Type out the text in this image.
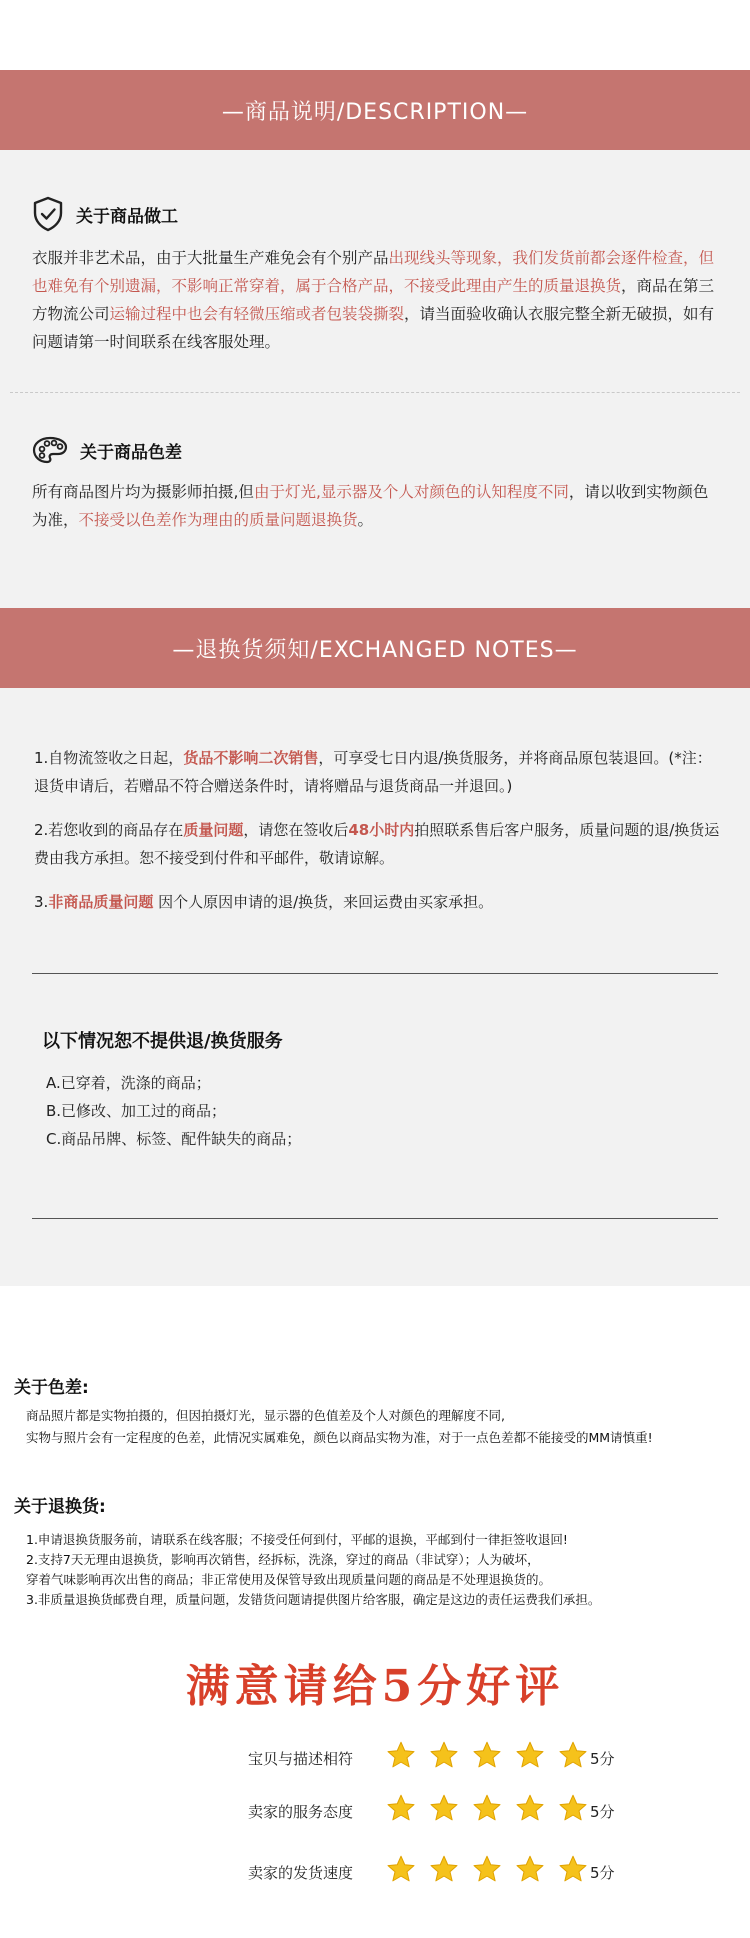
—商品说明/DESCRIPTION—
关于商品做工
衣服并非艺术品，由于大批量生产难免会有个别产品出现线头等现象，我们发货前都会逐件检查，但也难免有个别遗漏，不影响正常穿着，属于合格产品，不接受此理由产生的质量退换货，商品在第三方物流公司运输过程中也会有轻微压缩或者包装袋撕裂，请当面验收确认衣服完整全新无破损，如有问题请第一时间联系在线客服处理。
关于商品色差
所有商品图片均为摄影师拍摄,但由于灯光,显示器及个人对颜色的认知程度不同，请以收到实物颜色为准，不接受以色差作为理由的质量问题退换货。
—退换货须知/EXCHANGED NOTES—
1.自物流签收之日起，货品不影响二次销售，可享受七日内退/换货服务，并将商品原包装退回。(*注：退货申请后，若赠品不符合赠送条件时，请将赠品与退货商品一并退回。)
2.若您收到的商品存在质量问题，请您在签收后48小时内拍照联系售后客户服务，质量问题的退/换货运费由我方承担。恕不接受到付件和平邮件，敬请谅解。
3.非商品质量问题 因个人原因申请的退/换货，来回运费由买家承担。
以下情况恕不提供退/换货服务
A.已穿着，洗涤的商品；
B.已修改、加工过的商品；
C.商品吊牌、标签、配件缺失的商品；
关于色差:
商品照片都是实物拍摄的，但因拍摄灯光，显示器的色值差及个人对颜色的理解度不同,
实物与照片会有一定程度的色差，此情况实属难免，颜色以商品实物为准，对于一点色差都不能接受的MM请慎重!
关于退换货:
1.申请退换货服务前，请联系在线客服；不接受任何到付，平邮的退换，平邮到付一律拒签收退回!
2.支持7天无理由退换货，影响再次销售，经拆标，洗涤，穿过的商品（非试穿）；人为破坏，
穿着气味影响再次出售的商品；非正常使用及保管导致出现质量问题的商品是不处理退换货的。
3.非质量退换货邮费自理，质量问题，发错货问题请提供图片给客服，确定是这边的责任运费我们承担。
满意请给5分好评
宝贝与描述相符	5分
卖家的服务态度	5分
卖家的发货速度	5分
